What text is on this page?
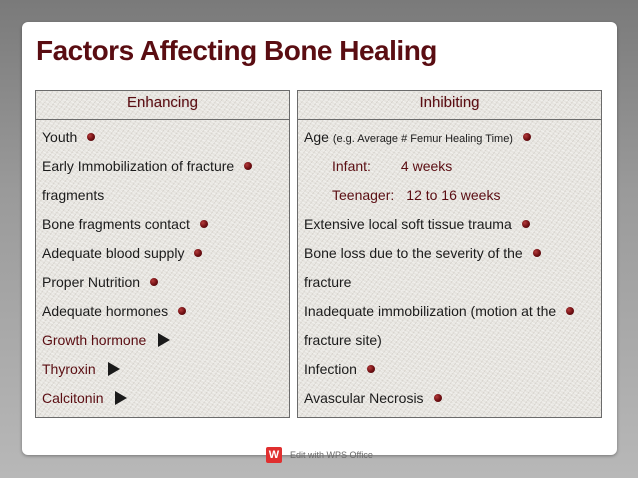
Factors Affecting Bone Healing
Enhancing
Youth
Early Immobilization of fracture
fragments
Bone fragments contact
Adequate blood supply
Proper Nutrition
Adequate hormones
Growth hormone
Thyroxin
Calcitonin
Inhibiting
Age (e.g. Average # Femur Healing Time)
Infant: 4 weeks
Teenager: 12 to 16 weeks
Extensive local soft tissue trauma
Bone loss due to the severity of the
fracture
Inadequate immobilization (motion at the
fracture site)
Infection
Avascular Necrosis
W	Edit with WPS Office
